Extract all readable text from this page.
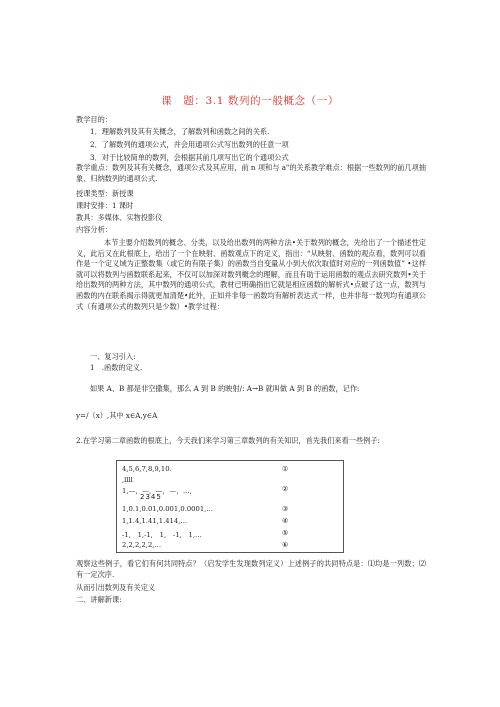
课　题：3.1 数列的一般概念（一）
教学目的：
1．理解数列及其有关概念，了解数列和函数之间的关系.
2．了解数列的通项公式，并会用通项公式写出数列的任意一项
3．对于比较简单的数列，会根据其前几项写出它的个通项公式

教学重点：数列及其有关概念，通项公式及其应用，前 n 项和与 a"的关系教学难点：根据一些数列的前几项抽象、归纳数列的通项公式.

授课类型：新授课
课时安排：1 课时
教具：多媒体、实物投影仪
内容分析：

本节主要介绍数列的概念、分类，以及给出数列的两种方法•关于数列的概念，先给出了一个描述性定义，此后又在此根底上，给出了一个在映射、函数观点下的定义，指出：“从映射、函数的观点看，数列可以看作是一个定义域为正整数集（或它的有限子集）的函数当自变量从小到大依次取值时对应的一列函数值” •这样就可以将数列与函数联系起来，不仅可以加深对数列概念的理解，而且有助于运用函数的观点去研究数列•关于给出数列的两种方法，其中数列的通项公式，教材已明确指出它就是相应函数的解析式•点破了这一点，数列与函数的内在联系揭示得就更加清楚•此外，正如并非每一函数均有解析表达式一样，也并非每一数列均有通项公式（有通项公式的数列只是少数）•教学过程：

一、复习引入:
1　.函数的定义.
如果 A、B 都是非空撒集，那么 A 到 B 的映射/: A→B 就叫做 A 到 B 的函数，记作:
y=/（x）,其中 x∈A,y∈A

2.在学习第二章函数的根底上，今天我们来学习第三章数列的有关知识，首先我们来看一些例子:

4,5,6,7,8,9,10.	①
,llll
1,—，—，—，—，…,	②
2345
1,0.1,0.01,0.001,0.0001,…	③
1,1.4,1.41,1.414,…	④
-1,　1,-1,　1,　-1,　1,…	⑤
2,2,2,2,2,…	⑥

观察这些例子，看它们有何共同特点？（启发学生发现数列定义）上述例子的共同特点是：⑴均是一列数；⑵有一定次序.

从而引出数列及有关定义
二、讲解新课:
